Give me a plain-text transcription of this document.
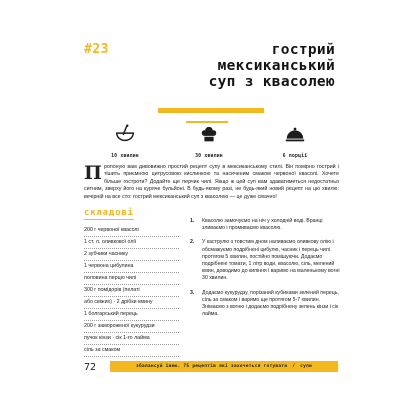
#23	гострий
мексиканський
суп з квасолею
10 хвилин	30 хвилин	6 порції
Пропоную вам дивовижно простий рецепт супу в мексиканському стилі. Він помірно гострий і тішить приємною цитрусовою кислинкою та насиченим смаком червоної квасолі. Хочете більше гостроти? Додайте ще перчик чилі. Якщо ж цей суп вам здаватиметься недостатньо ситним, зверху його на куряче бульйоні. В будь-якому разі, не будь-який новий рецепт на цю хвилю: вечірній на все сто: гострий мексиканський суп з квасолею — це дуже смачно!
складові
200 г червоної квасолі
1 ст. л. оливкової олії
2 зубчики часнику
1 червона цибулина
половина перцю чилі
300 г помідорів (пелаті
або свіжих) · 2 дрібки кмину
1 болгарський перець
200 г замороженої кукурудзи
пучок кінзи · сік 1-го лайма
сіль за смаком
1. Квасолю замочуємо на ніч у холодній воді. Вранці зливаємо і промиваємо квасолю.
2. У каструлю з товстим дном наливаємо оливкову олію і обсмажуємо подрібнені цибулю, часник і перець чилі протягом 5 хвилин, постійно помішуючи. Додаємо подрібнені томати, 1 літр води, квасолю, сіль, мелений кмин, доводимо до кипіння і варимо на маленькому вогні 30 хвилин.
3. Додаємо кукурудзу, порізаний кубиками зелений перець, сіль за смаком і варимо ще протягом 5-7 хвилин. Знімаємо з вогню і додаємо подрібнену зелень кінзи і сік лайма.
72	збалансуй їжею. 75 рецептів які захочеться готувати / супи
